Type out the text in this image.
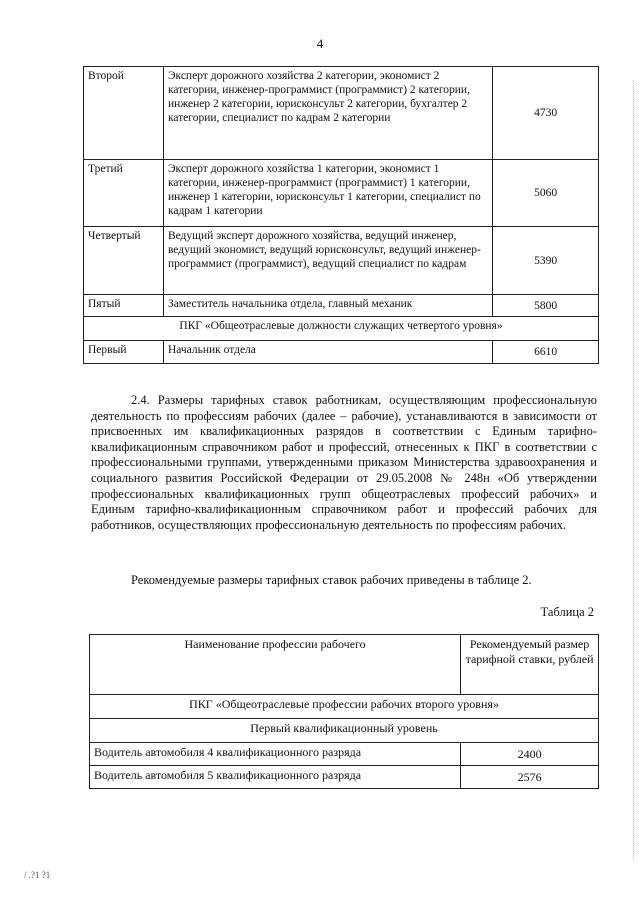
4
Второй	Эксперт дорожного хозяйства 2 категории, экономист 2 категории, инженер-программист (программист) 2 категории, инженер 2 категории, юрисконсульт 2 категории, бухгалтер 2 категории, специалист по кадрам 2 категории	4730
Третий	Эксперт дорожного хозяйства 1 категории, экономист 1 категории, инженер-программист (программист) 1 категории, инженер 1 категории, юрисконсульт 1 категории, специалист по кадрам 1 категории	5060
Четвертый	Ведущий эксперт дорожного хозяйства, ведущий инженер, ведущий экономист, ведущий юрисконсульт, ведущий инженер-программист (программист), ведущий специалист по кадрам	5390
Пятый	Заместитель начальника отдела, главный механик	5800
ПКГ «Общеотраслевые должности служащих четвертого уровня»		
Первый	Начальник отдела	6610

2.4. Размеры тарифных ставок работникам, осуществляющим профессиональную деятельность по профессиям рабочих (далее – рабочие), устанавливаются в зависимости от присвоенных им квалификационных разрядов в соответствии с Единым тарифно-квалификационным справочником работ и профессий, отнесенных к ПКГ в соответствии с профессиональными группами, утвержденными приказом Министерства здравоохранения и социального развития Российской Федерации от 29.05.2008 № 248н «Об утверждении профессиональных квалификационных групп общеотраслевых профессий рабочих» и Единым тарифно-квалификационным справочником работ и профессий рабочих для работников, осуществляющих профессиональную деятельность по профессиям рабочих.

Рекомендуемые размеры тарифных ставок рабочих приведены в таблице 2.

Таблица 2
Наименование профессии рабочего	Рекомендуемый размер тарифной ставки, рублей
ПКГ «Общеотраслевые профессии рабочих второго уровня»	
Первый квалификационный уровень	
Водитель автомобиля 4 квалификационного разряда	2400
Водитель автомобиля 5 квалификационного разряда	2576
/ .?1 ?1
